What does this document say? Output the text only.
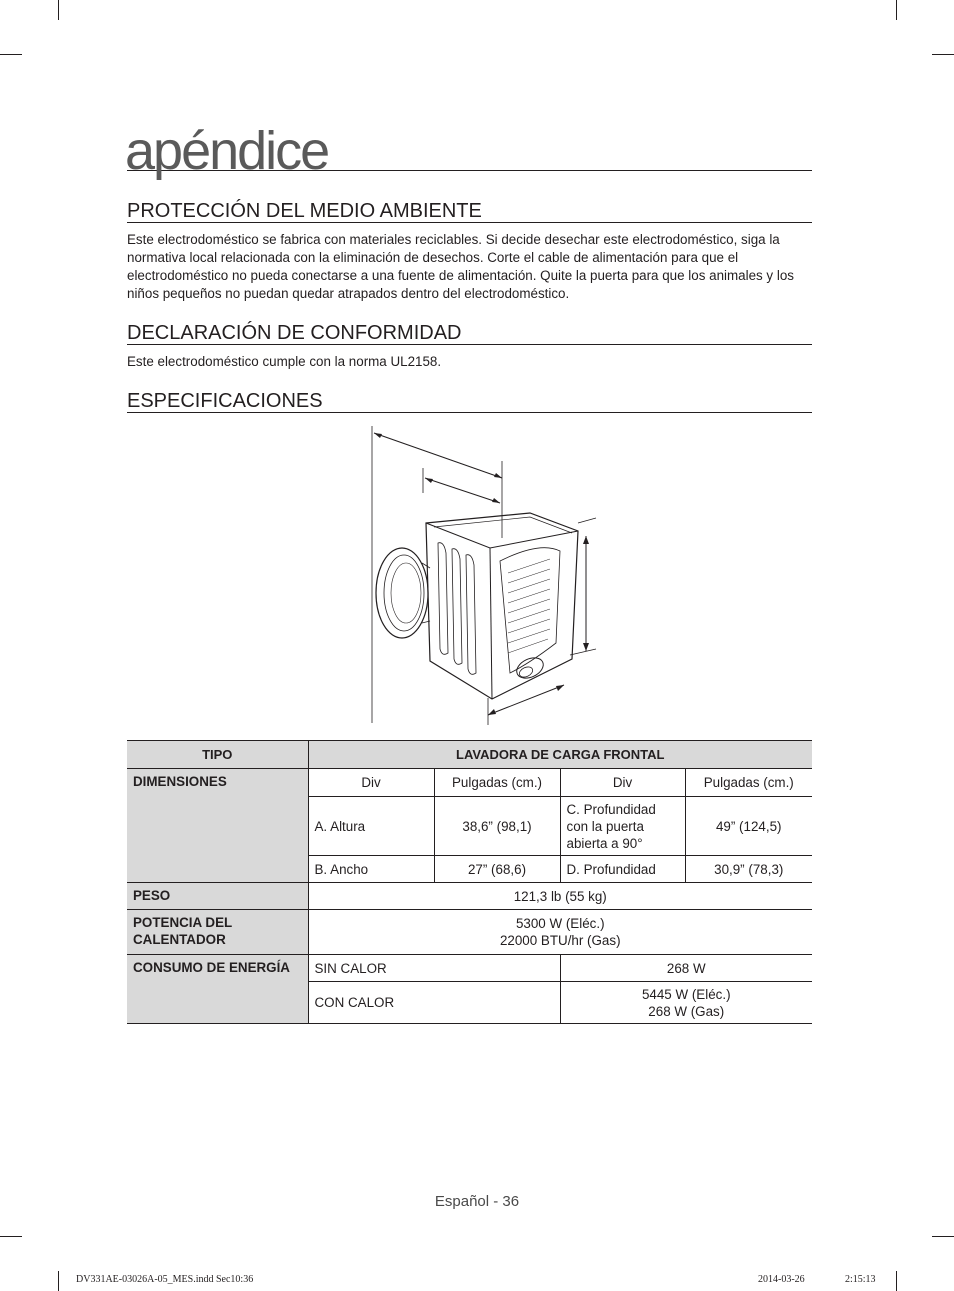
apéndice
PROTECCIÓN DEL MEDIO AMBIENTE

Este electrodoméstico se fabrica con materiales reciclables. Si decide desechar este electrodoméstico, siga la normativa local relacionada con la eliminación de desechos. Corte el cable de alimentación para que el electrodoméstico no pueda conectarse a una fuente de alimentación. Quite la puerta para que los animales y los niños pequeños no puedan quedar atrapados dentro del electrodoméstico.

DECLARACIÓN DE CONFORMIDAD

Este electrodoméstico cumple con la norma UL2158.

ESPECIFICACIONES
TIPO	LAVADORA DE CARGA FRONTAL			
DIMENSIONES	Div	Pulgadas (cm.)	Div	Pulgadas (cm.)
	A. Altura	38,6” (98,1)	C. Profundidad con la puerta abierta a 90°	49” (124,5)
	B. Ancho	27” (68,6)	D. Profundidad	30,9” (78,3)
PESO	121,3 lb (55 kg)			
POTENCIA DEL CALENTADOR	5300 W (Eléc.)
22000 BTU/hr (Gas)			

CONSUMO DE ENERGÍA	SIN CALOR		268 W	
	CON CALOR		5445 W (Eléc.)
268 W (Gas)	
Español - 36
DV331AE-03026A-05_MES.indd Sec10:36	2014-03-26	2:15:13
